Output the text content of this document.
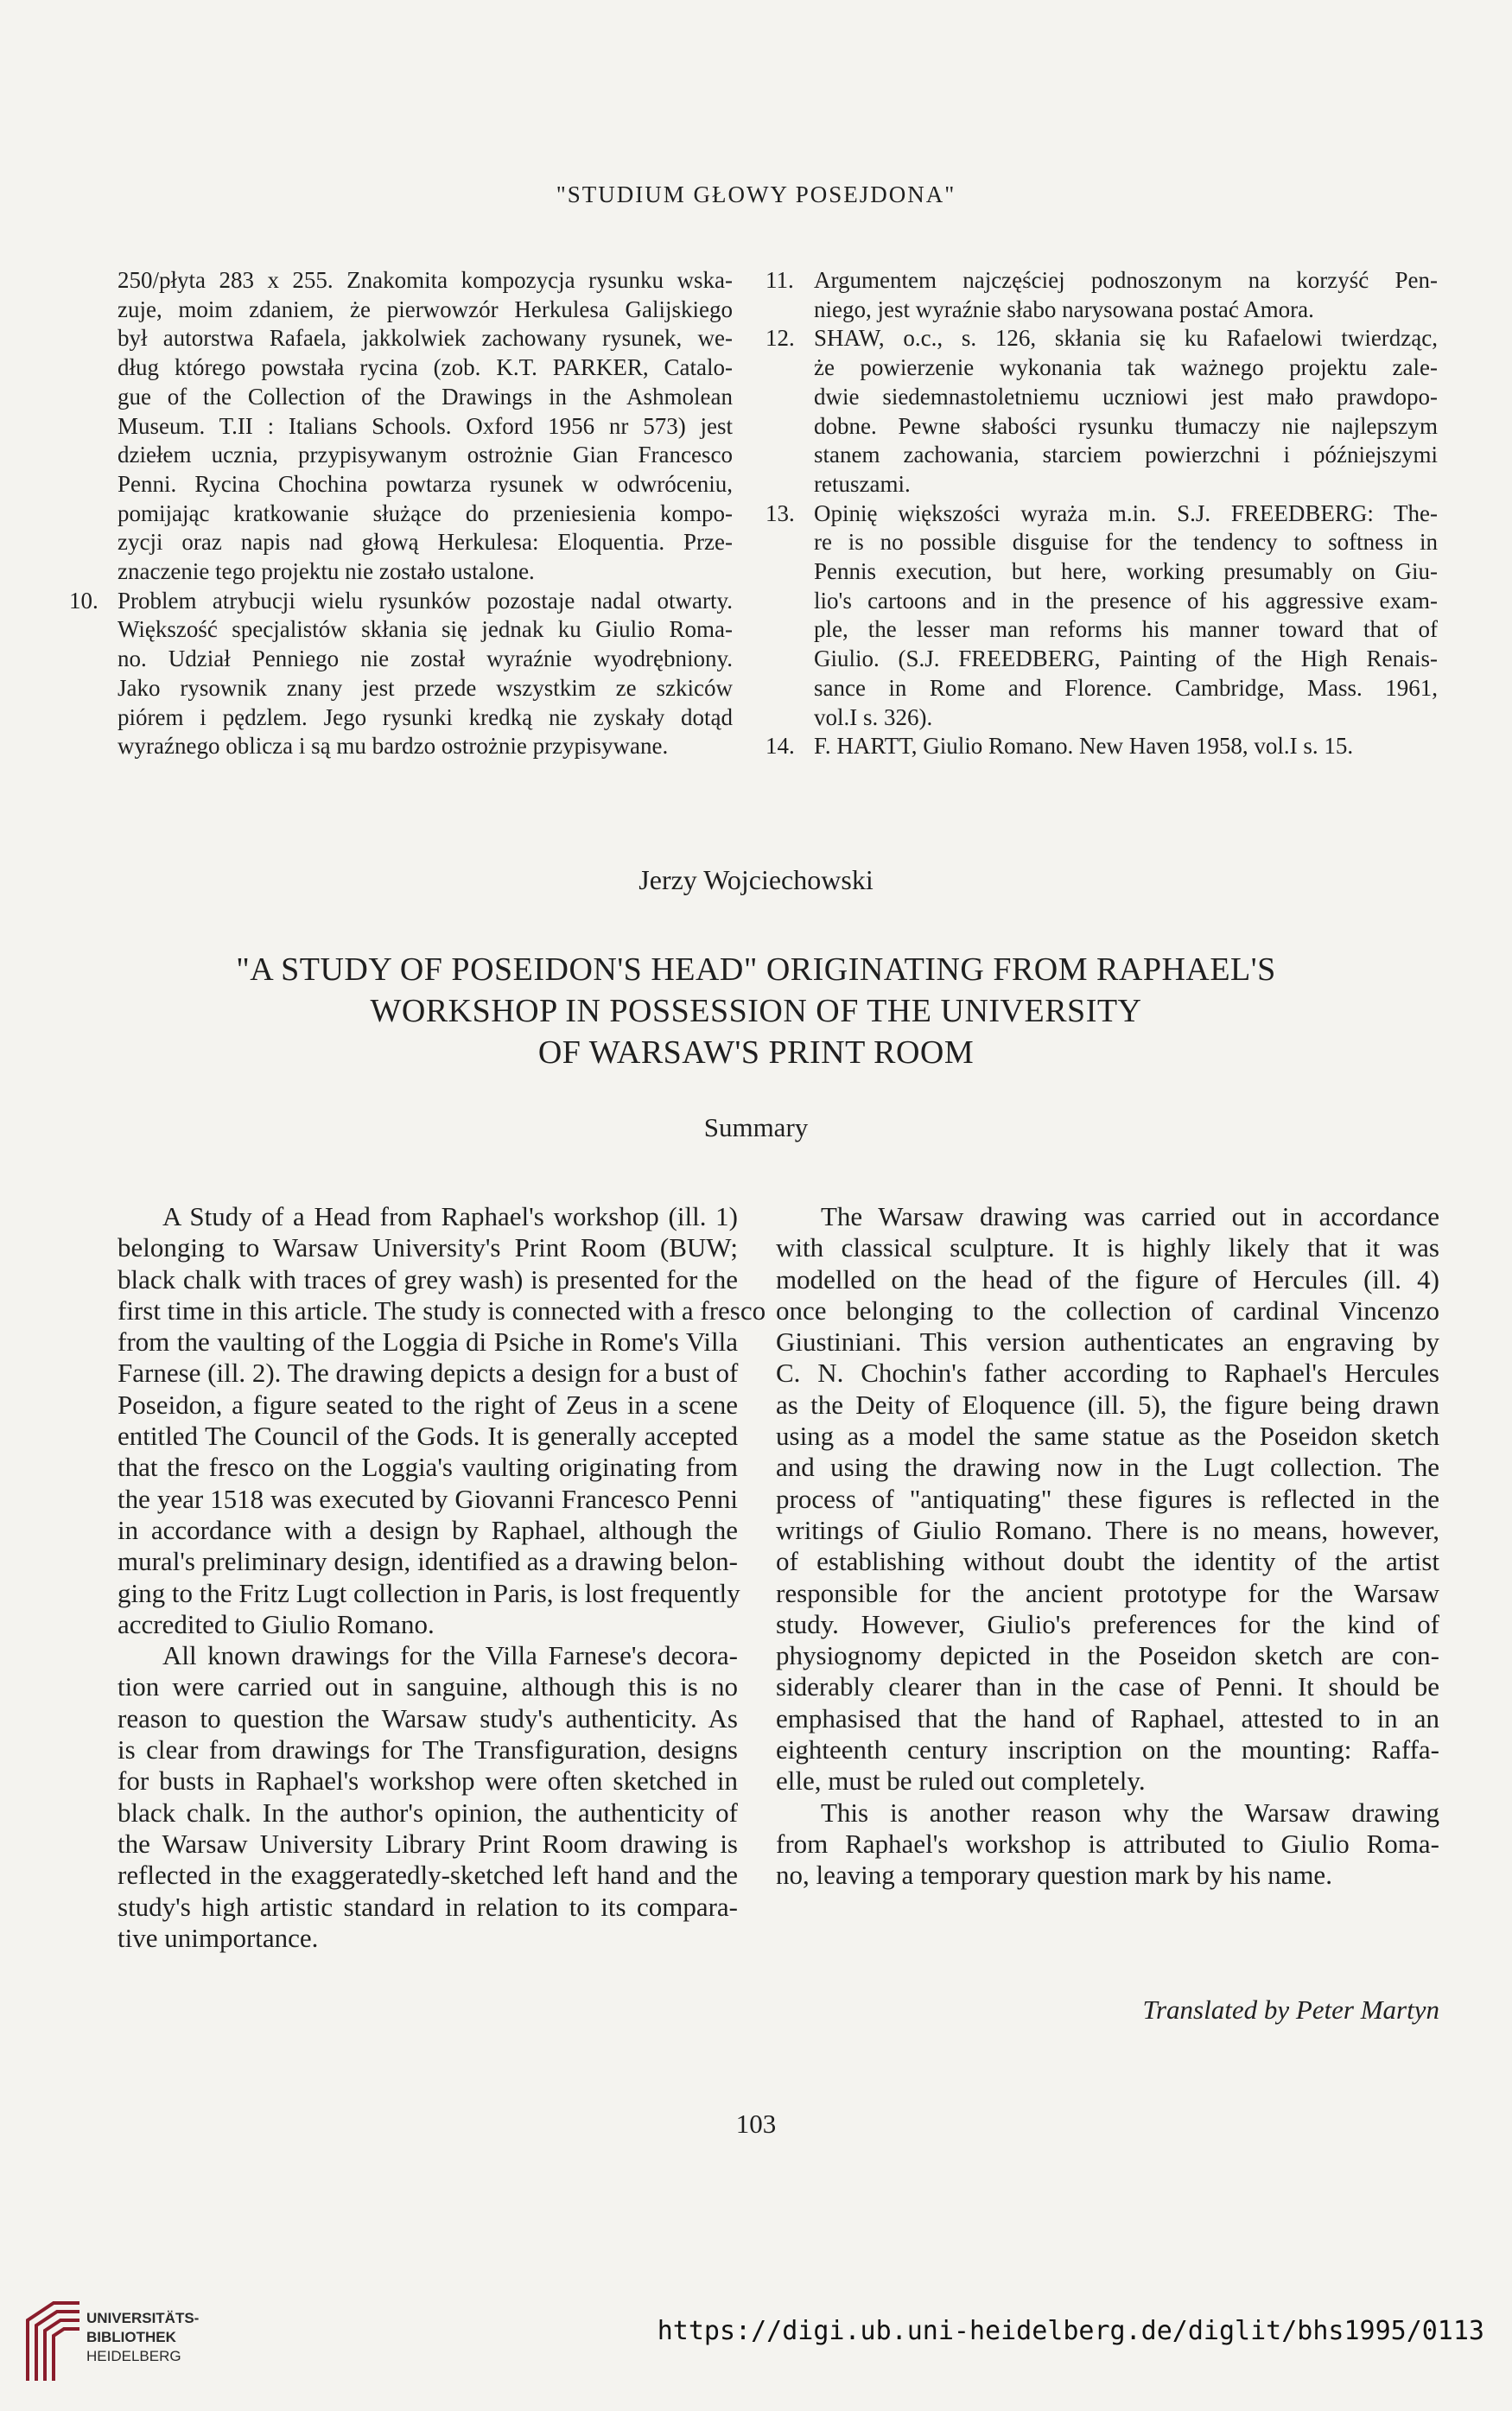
"STUDIUM GŁOWY POSEJDONA"
250/płyta 283 x 255. Znakomita kompozycja rysunku wska-
zuje, moim zdaniem, że pierwowzór Herkulesa Galijskiego
był autorstwa Rafaela, jakkolwiek zachowany rysunek, we-
dług którego powstała rycina (zob. K.T. PARKER, Catalo-
gue of the Collection of the Drawings in the Ashmolean
Museum. T.II : Italians Schools. Oxford 1956 nr 573) jest
dziełem ucznia, przypisywanym ostrożnie Gian Francesco
Penni. Rycina Chochina powtarza rysunek w odwróceniu,
pomijając kratkowanie służące do przeniesienia kompo-
zycji oraz napis nad głową Herkulesa: Eloquentia. Prze-
znaczenie tego projektu nie zostało ustalone.
10. Problem atrybucji wielu rysunków pozostaje nadal otwarty.
Większość specjalistów skłania się jednak ku Giulio Roma-
no. Udział Penniego nie został wyraźnie wyodrębniony.
Jako rysownik znany jest przede wszystkim ze szkiców
piórem i pędzlem. Jego rysunki kredką nie zyskały dotąd
wyraźnego oblicza i są mu bardzo ostrożnie przypisywane.
11. Argumentem najczęściej podnoszonym na korzyść Pen-
niego, jest wyraźnie słabo narysowana postać Amora.
12. SHAW, o.c., s. 126, skłania się ku Rafaelowi twierdząc,
że powierzenie wykonania tak ważnego projektu zale-
dwie siedemnastoletniemu uczniowi jest mało prawdopo-
dobne. Pewne słabości rysunku tłumaczy nie najlepszym
stanem zachowania, starciem powierzchni i późniejszymi
retuszami.
13. Opinię większości wyraża m.in. S.J. FREEDBERG: The-
re is no possible disguise for the tendency to softness in
Pennis execution, but here, working presumably on Giu-
lio's cartoons and in the presence of his aggressive exam-
ple, the lesser man reforms his manner toward that of
Giulio. (S.J. FREEDBERG, Painting of the High Renais-
sance in Rome and Florence. Cambridge, Mass. 1961,
vol.I s. 326).
14. F. HARTT, Giulio Romano. New Haven 1958, vol.I s. 15.
Jerzy Wojciechowski
"A STUDY OF POSEIDON'S HEAD" ORIGINATING FROM RAPHAEL'S
WORKSHOP IN POSSESSION OF THE UNIVERSITY
OF WARSAW'S PRINT ROOM
Summary
A Study of a Head from Raphael's workshop (ill. 1)
belonging to Warsaw University's Print Room (BUW;
black chalk with traces of grey wash) is presented for the
first time in this article. The study is connected with a fresco
from the vaulting of the Loggia di Psiche in Rome's Villa
Farnese (ill. 2). The drawing depicts a design for a bust of
Poseidon, a figure seated to the right of Zeus in a scene
entitled The Council of the Gods. It is generally accepted
that the fresco on the Loggia's vaulting originating from
the year 1518 was executed by Giovanni Francesco Penni
in accordance with a design by Raphael, although the
mural's preliminary design, identified as a drawing belon-
ging to the Fritz Lugt collection in Paris, is lost frequently
accredited to Giulio Romano.
All known drawings for the Villa Farnese's decora-
tion were carried out in sanguine, although this is no
reason to question the Warsaw study's authenticity. As
is clear from drawings for The Transfiguration, designs
for busts in Raphael's workshop were often sketched in
black chalk. In the author's opinion, the authenticity of
the Warsaw University Library Print Room drawing is
reflected in the exaggeratedly-sketched left hand and the
study's high artistic standard in relation to its compara-
tive unimportance.
The Warsaw drawing was carried out in accordance
with classical sculpture. It is highly likely that it was
modelled on the head of the figure of Hercules (ill. 4)
once belonging to the collection of cardinal Vincenzo
Giustiniani. This version authenticates an engraving by
C. N. Chochin's father according to Raphael's Hercules
as the Deity of Eloquence (ill. 5), the figure being drawn
using as a model the same statue as the Poseidon sketch
and using the drawing now in the Lugt collection. The
process of "antiquating" these figures is reflected in the
writings of Giulio Romano. There is no means, however,
of establishing without doubt the identity of the artist
responsible for the ancient prototype for the Warsaw
study. However, Giulio's preferences for the kind of
physiognomy depicted in the Poseidon sketch are con-
siderably clearer than in the case of Penni. It should be
emphasised that the hand of Raphael, attested to in an
eighteenth century inscription on the mounting: Raffa-
elle, must be ruled out completely.
This is another reason why the Warsaw drawing
from Raphael's workshop is attributed to Giulio Roma-
no, leaving a temporary question mark by his name.
Translated by Peter Martyn
103
UNIVERSITÄTS-
BIBLIOTHEK
HEIDELBERG
https://digi.ub.uni-heidelberg.de/diglit/bhs1995/0113
